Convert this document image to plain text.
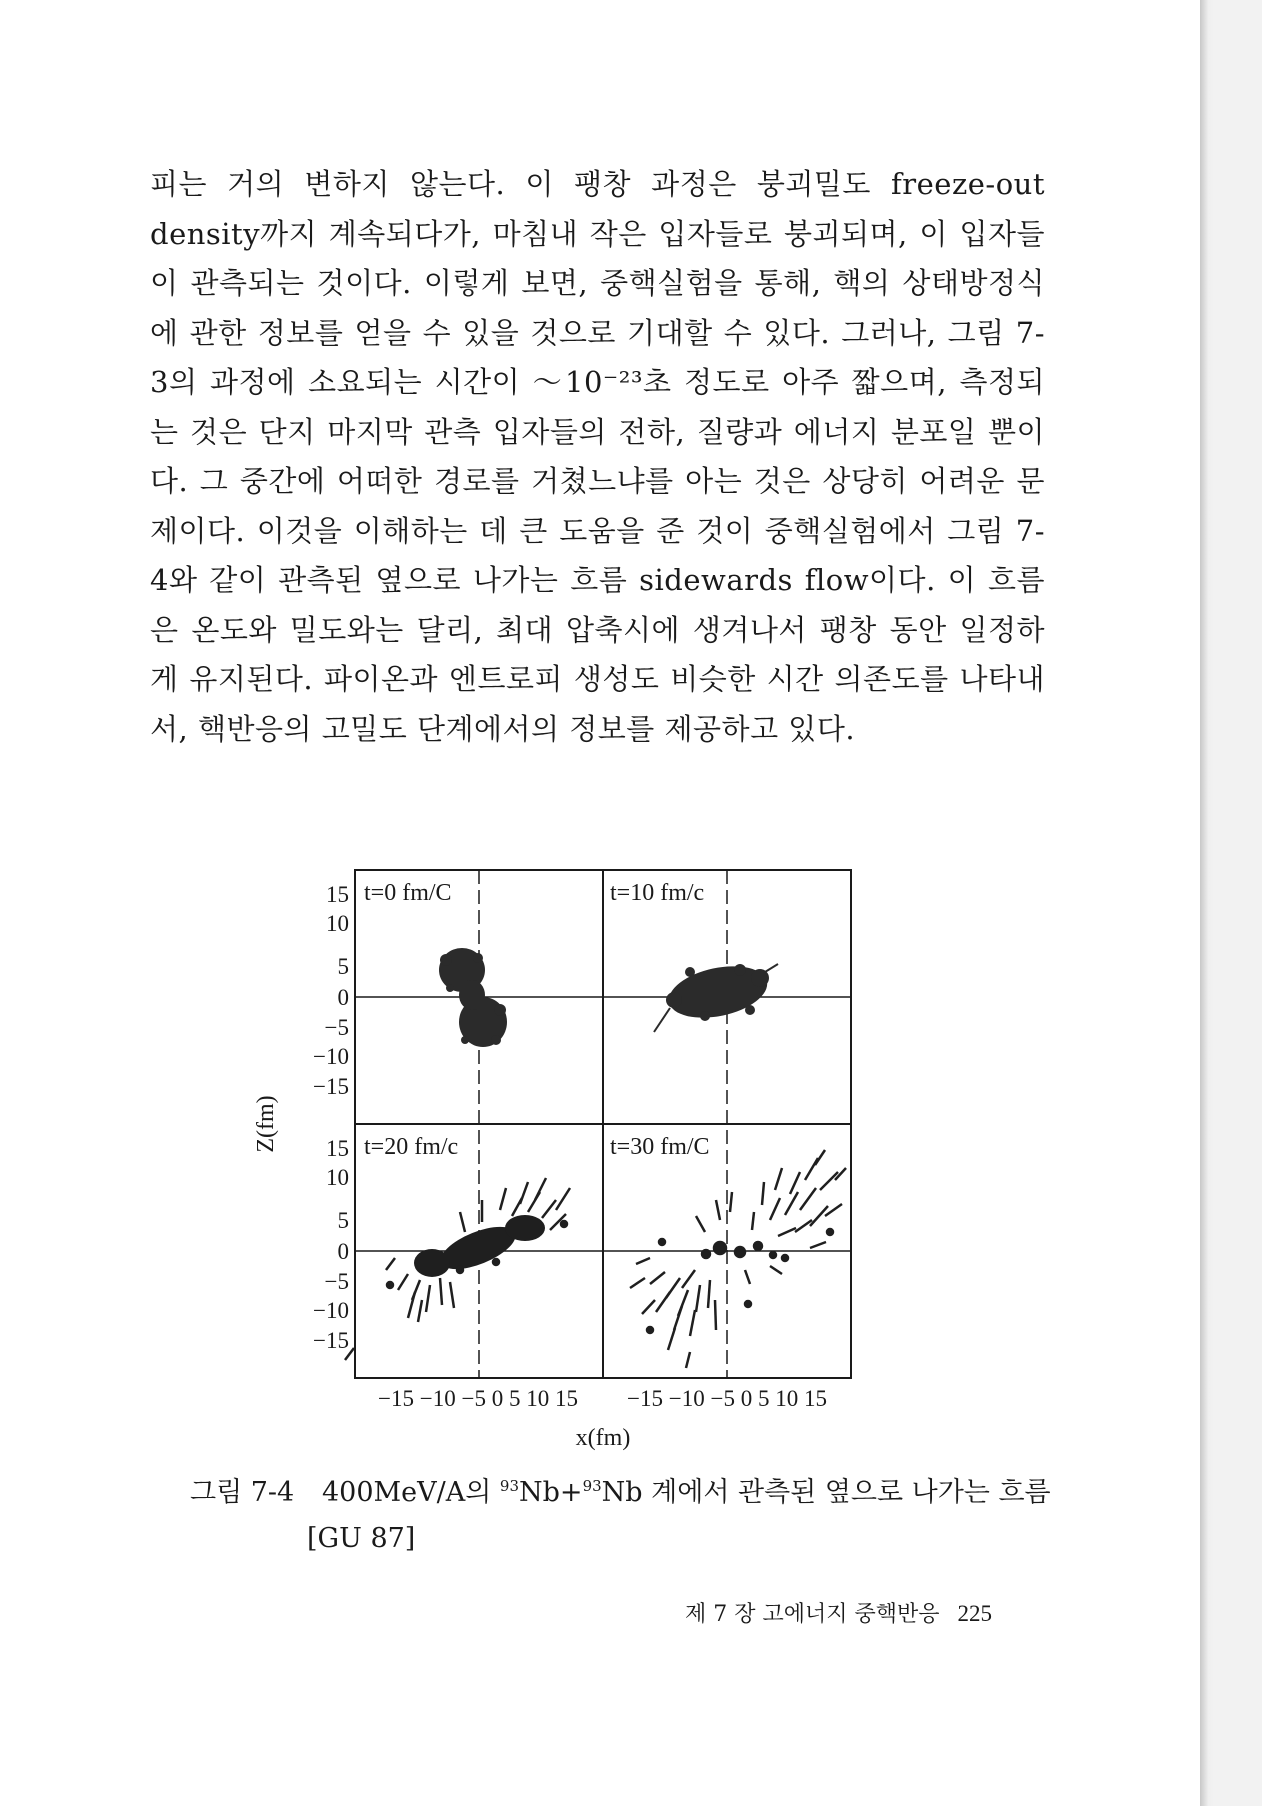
피는 거의 변하지 않는다. 이 팽창 과정은 붕괴밀도 freeze-out density까지 계속되다가, 마침내 작은 입자들로 붕괴되며, 이 입자들이 관측되는 것이다. 이렇게 보면, 중핵실험을 통해, 핵의 상태방정식에 관한 정보를 얻을 수 있을 것으로 기대할 수 있다. 그러나, 그림 7-3의 과정에 소요되는 시간이 ～10⁻²³초 정도로 아주 짧으며, 측정되는 것은 단지 마지막 관측 입자들의 전하, 질량과 에너지 분포일 뿐이다. 그 중간에 어떠한 경로를 거쳤느냐를 아는 것은 상당히 어려운 문제이다. 이것을 이해하는 데 큰 도움을 준 것이 중핵실험에서 그림 7-4와 같이 관측된 옆으로 나가는 흐름 sidewards flow이다. 이 흐름은 온도와 밀도와는 달리, 최대 압축시에 생겨나서 팽창 동안 일정하게 유지된다. 파이온과 엔트로피 생성도 비슷한 시간 의존도를 나타내서, 핵반응의 고밀도 단계에서의 정보를 제공하고 있다.

t=0 fm/C	t=10 fm/c
t=20 fm/c	t=30 fm/C
15
10
5
0
−5
−10
−15
15
10
5
0
−5
−10
−15
−15 −10 −5 0 5 10 15 −15 −10 −5 0 5 10 15
x(fm)
Z(fm)
그림 7-4 400MeV/A의 $^{93}$Nb+$^{93}$Nb 계에서 관측된 옆으로 나가는 흐름
[GU 87]
제 7 장 고에너지 중핵반응 225
